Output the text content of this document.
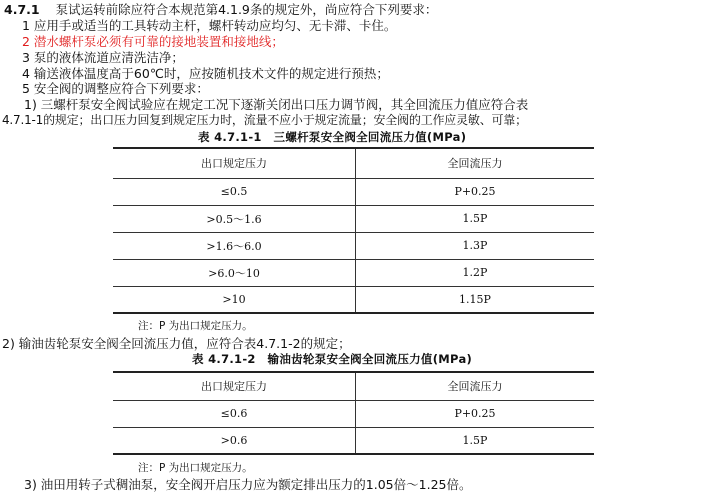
4.7.1 泵试运转前除应符合本规范第4.1.9条的规定外，尚应符合下列要求：
1 应用手或适当的工具转动主杆，螺杆转动应均匀、无卡滞、卡住。
2 潜水螺杆泵必须有可靠的接地装置和接地线；
3 泵的液体流道应清洗洁净；
4 输送液体温度高于60℃时，应按随机技术文件的规定进行预热；
5 安全阀的调整应符合下列要求：
1) 三螺杆泵安全阀试验应在规定工况下逐渐关闭出口压力调节阀，其全回流压力值应符合表
4.7.1-1的规定；出口压力回复到规定压力时，流量不应小于规定流量；安全阀的工作应灵敏、可靠；
表 4.7.1-1　三螺杆泵安全阀全回流压力值(MPa)
出口规定压力	全回流压力
≤0.5	P+0.25
>0.5～1.6	1.5P
>1.6～6.0	1.3P
>6.0～10	1.2P
>10	1.15P
注：P 为出口规定压力。
2) 输油齿轮泵安全阀全回流压力值，应符合表4.7.1-2的规定；
表 4.7.1-2　输油齿轮泵安全阀全回流压力值(MPa)
出口规定压力	全回流压力
≤0.6	P+0.25
>0.6	1.5P
注：P 为出口规定压力。
3) 油田用转子式稠油泵，安全阀开启压力应为额定排出压力的1.05倍～1.25倍。
